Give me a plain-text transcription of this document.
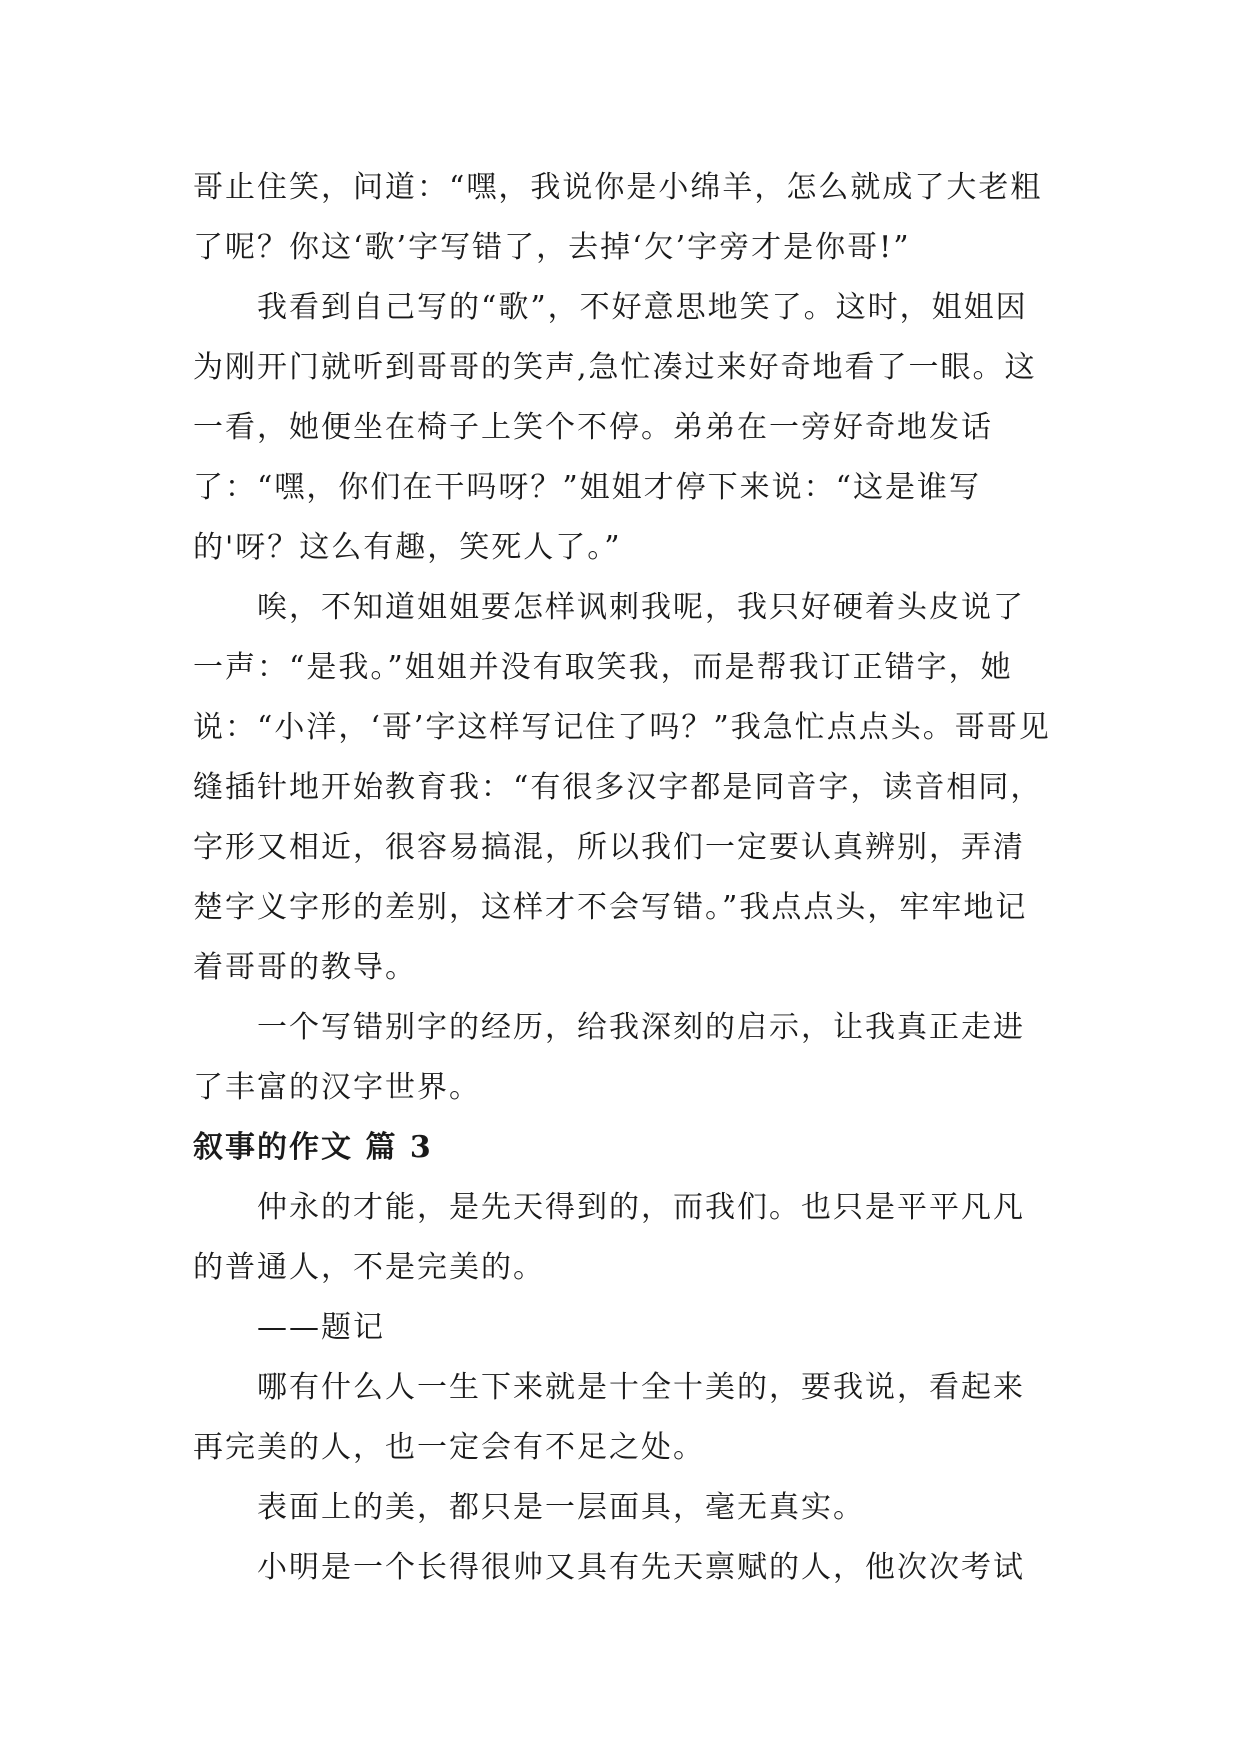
哥止住笑，问道：“嘿，我说你是小绵羊，怎么就成了大老粗了呢？你这‘歌’字写错了，去掉‘欠’字旁才是你哥!”

我看到自己写的“歌”，不好意思地笑了。这时，姐姐因为刚开门就听到哥哥的笑声,急忙凑过来好奇地看了一眼。这一看，她便坐在椅子上笑个不停。弟弟在一旁好奇地发话了：“嘿，你们在干吗呀？”姐姐才停下来说：“这是谁写的'呀？这么有趣，笑死人了。”

唉，不知道姐姐要怎样讽刺我呢，我只好硬着头皮说了一声：“是我。”姐姐并没有取笑我，而是帮我订正错字，她说：“小洋，‘哥’字这样写记住了吗？”我急忙点点头。哥哥见缝插针地开始教育我：“有很多汉字都是同音字，读音相同，字形又相近，很容易搞混，所以我们一定要认真辨别，弄清楚字义字形的差别，这样才不会写错。”我点点头，牢牢地记着哥哥的教导。

一个写错别字的经历，给我深刻的启示，让我真正走进了丰富的汉字世界。

叙事的作文 篇 3

仲永的才能，是先天得到的，而我们。也只是平平凡凡的普通人，不是完美的。

——题记

哪有什么人一生下来就是十全十美的，要我说，看起来再完美的人，也一定会有不足之处。

表面上的美，都只是一层面具，毫无真实。

小明是一个长得很帅又具有先天禀赋的人，他次次考试
